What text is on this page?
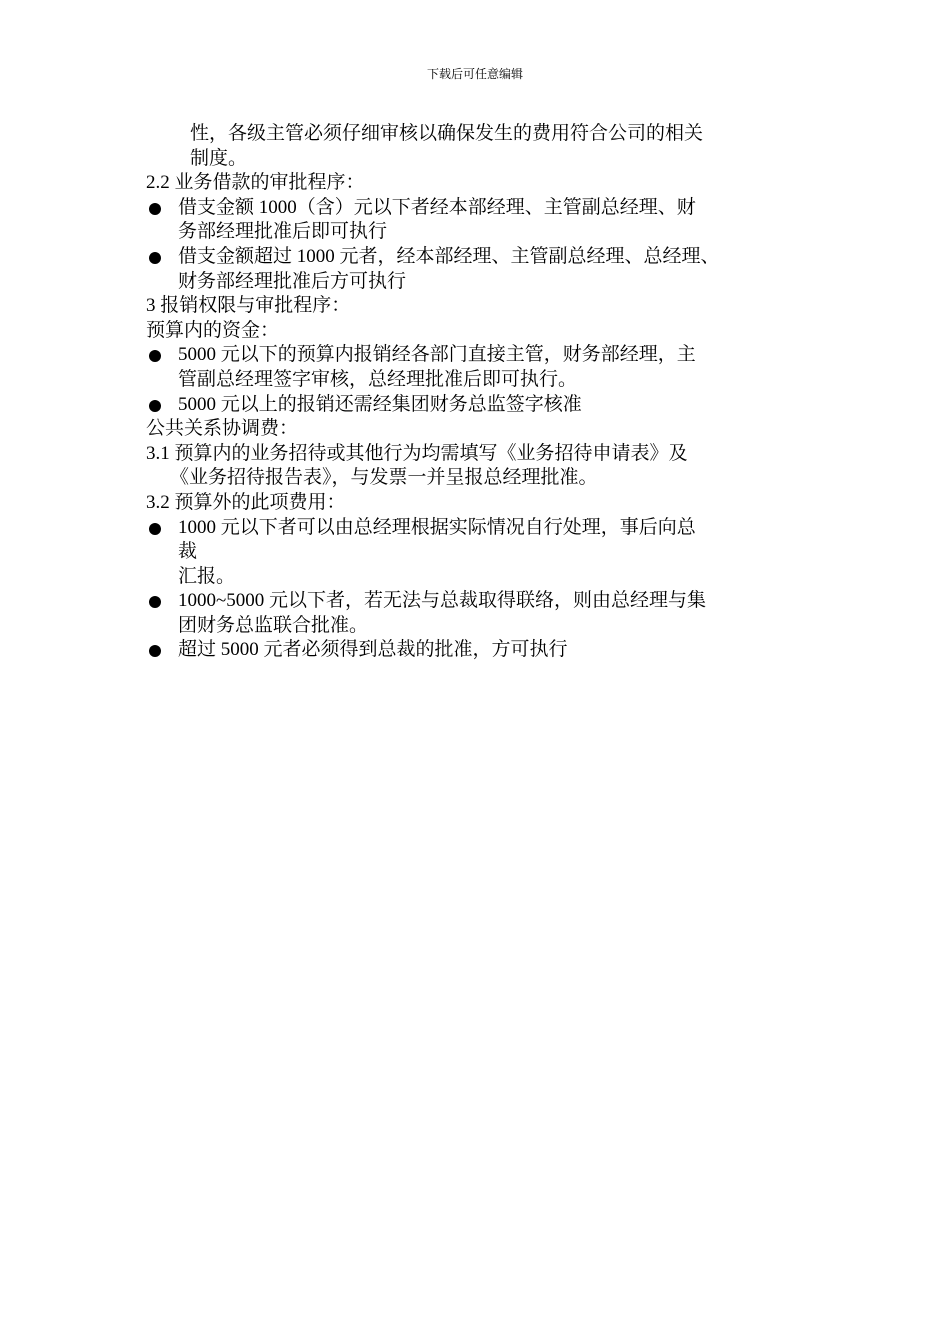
下载后可任意编辑
性，各级主管必须仔细审核以确保发生的费用符合公司的相关
制度。
2.2 业务借款的审批程序：
借支金额 1000（含）元以下者经本部经理、主管副总经理、财
务部经理批准后即可执行
借支金额超过 1000 元者，经本部经理、主管副总经理、总经理、
财务部经理批准后方可执行
3 报销权限与审批程序：
预算内的资金：
5000 元以下的预算内报销经各部门直接主管，财务部经理，主
管副总经理签字审核，总经理批准后即可执行。
5000 元以上的报销还需经集团财务总监签字核准
公共关系协调费：
3.1 预算内的业务招待或其他行为均需填写《业务招待申请表》及
《业务招待报告表》，与发票一并呈报总经理批准。
3.2 预算外的此项费用：
1000 元以下者可以由总经理根据实际情况自行处理，事后向总
裁
汇报。
1000~5000 元以下者，若无法与总裁取得联络，则由总经理与集
团财务总监联合批准。
超过 5000 元者必须得到总裁的批准，方可执行
